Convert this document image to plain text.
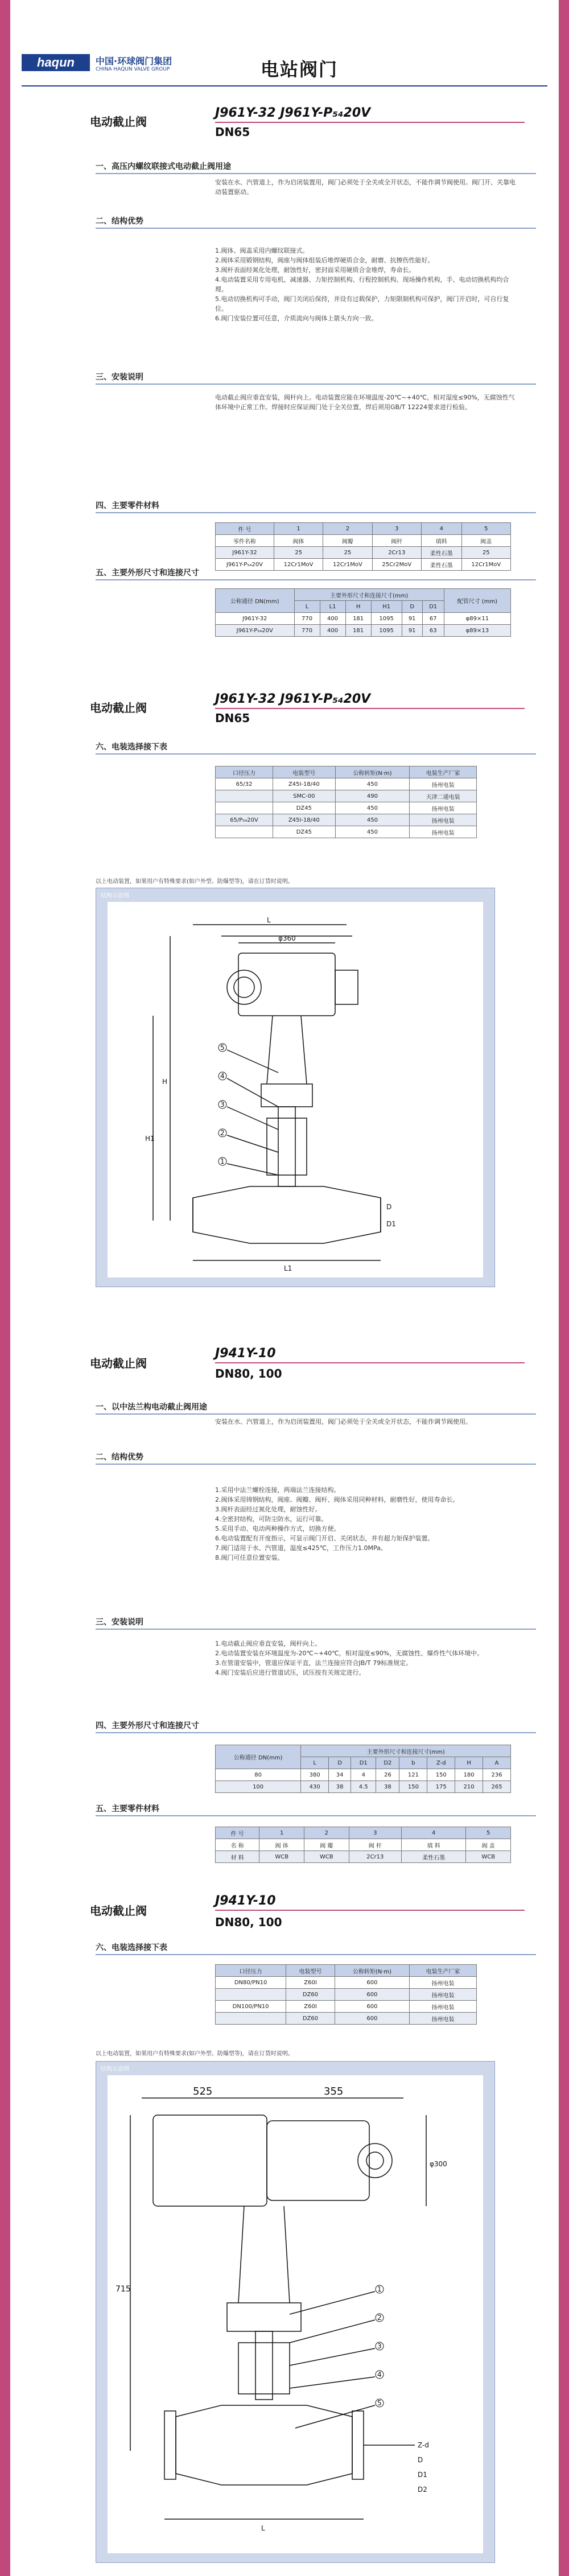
haqun	中国·环球阀门集团
CHINA HAQUN VALVE GROUP	电站阀门
电动截止阀
J961Y-32 J961Y-P₅₄20V
DN65
一、高压内螺纹联接式电动截止阀用途
安装在水、汽管道上，作为启闭装置用，阀门必须处于全关或全开状态，不能作调节阀使用。阀门开、关靠电动装置驱动。
二、结构优势
1.阀体、阀盖采用内螺纹联接式。
2.阀体采用锻钢结构，阀座与阀体组装后堆焊硬质合金，耐磨、抗擦伤性能好。
3.阀杆表面经氮化处理，耐蚀性好，密封面采用硬质合金堆焊，寿命长。
4.电动装置采用专用电机，减速器、力矩控制机构、行程控制机构、现场操作机构，手、电动切换机构均合理。
5.电动切换机构可手动，阀门关闭后保持，并设有过载保护，力矩限制机构可保护，阀门开启时，可自行复位。
6.阀门安装位置可任意，介质流向与阀体上箭头方向一致。
三、安装说明
电动截止阀应垂直安装，阀杆向上。电动装置应能在环境温度-20℃~+40℃，相对湿度≤90%，无腐蚀性气体环境中正常工作。焊接时应保证阀门处于全关位置，焊后须用GB/T 12224要求进行检验。
四、主要零件材料
件 号	1	2	3	4	5
零件名称	阀体	阀瓣	阀杆	填料	阀盖
J961Y-32	25	25	2Cr13	柔性石墨	25
J961Y-P₅₄20V	12Cr1MoV	12Cr1MoV	25Cr2MoV	柔性石墨	12Cr1MoV
五、主要外形尺寸和连接尺寸
公称通径 DN(mm)	主要外形尺寸和连接尺寸(mm)						配管尺寸 (mm)
	L	L1	H	H1	D	D1	
J961Y-32	770	400	181	1095	91	67	φ89×11
J961Y-P₅₄20V	770	400	181	1095	91	63	φ89×13
电动截止阀
J961Y-32 J961Y-P₅₄20V
DN65
六、电装选择接下表
口径压力	电装型号	公称转矩(N·m)	电装生产厂家
65/32	Z45I-18/40	450	扬州电装
	SMC-00	490	天津二通电装
	DZ45	450	扬州电装
65/P₅₄20V	Z45I-18/40	450	扬州电装
	DZ45	450	扬州电装
以上电动装置，如果用户有特殊要求(如户外型、防爆型等)，请在订货时说明。
结构示意图
5
4
3
2
1
L
φ360
H
H1
L1
D
D1
电动截止阀
J941Y-10
DN80, 100
一、以中法兰构电动截止阀用途
安装在水、汽管道上，作为启闭装置用，阀门必须处于全关或全开状态，不能作调节阀使用。
二、结构优势
1.采用中法兰螺栓连接，两端法兰连接结构。
2.阀体采用铸钢结构，阀座、阀瓣、阀杆、阀体采用同种材料，耐磨性好，使用寿命长。
3.阀杆表面经过氮化处理，耐蚀性好。
4.全密封结构，可防尘防水，运行可靠。
5.采用手动、电动两种操作方式，切换方便。
6.电动装置配有开度指示，可显示阀门开启、关闭状态，并有超力矩保护装置。
7.阀门适用于水、汽管道，温度≤425℃，工作压力1.0MPa。
8.阀门可任意位置安装。
三、安装说明
1.电动截止阀应垂直安装，阀杆向上。
2.电动装置安装在环境温度为-20℃~+40℃，相对湿度≤90%，无腐蚀性、爆炸性气体环境中。
3.在管道安装中，管道应保证平直，法兰连接应符合JB/T 79标准规定。
4.阀门安装后应进行管道试压，试压按有关规定进行。
四、主要外形尺寸和连接尺寸
公称通径 DN(mm)	主要外形尺寸和连接尺寸(mm)							
	L	D	D1	D2	b	Z-d	H	A
80	380	34	4	26	121	150	180	236
100	430	38	4.5	38	150	175	210	265
五、主要零件材料
件 号	1	2	3	4	5
名 称	阀 体	阀 瓣	阀 杆	填 料	阀 盖
材 料	WCB	WCB	2Cr13	柔性石墨	WCB
电动截止阀
J941Y-10
DN80, 100
六、电装选择接下表
口径压力	电装型号	公称转矩(N·m)	电装生产厂家
DN80/PN10	Z60I	600	扬州电装
	DZ60	600	扬州电装
DN100/PN10	Z60I	600	扬州电装
	DZ60	600	扬州电装
以上电动装置，如果用户有特殊要求(如户外型、防爆型等)，请在订货时说明。
结构示意图
1
2
3
4
5
525	355
715
φ300
Z-d
L
D
D1
D2
